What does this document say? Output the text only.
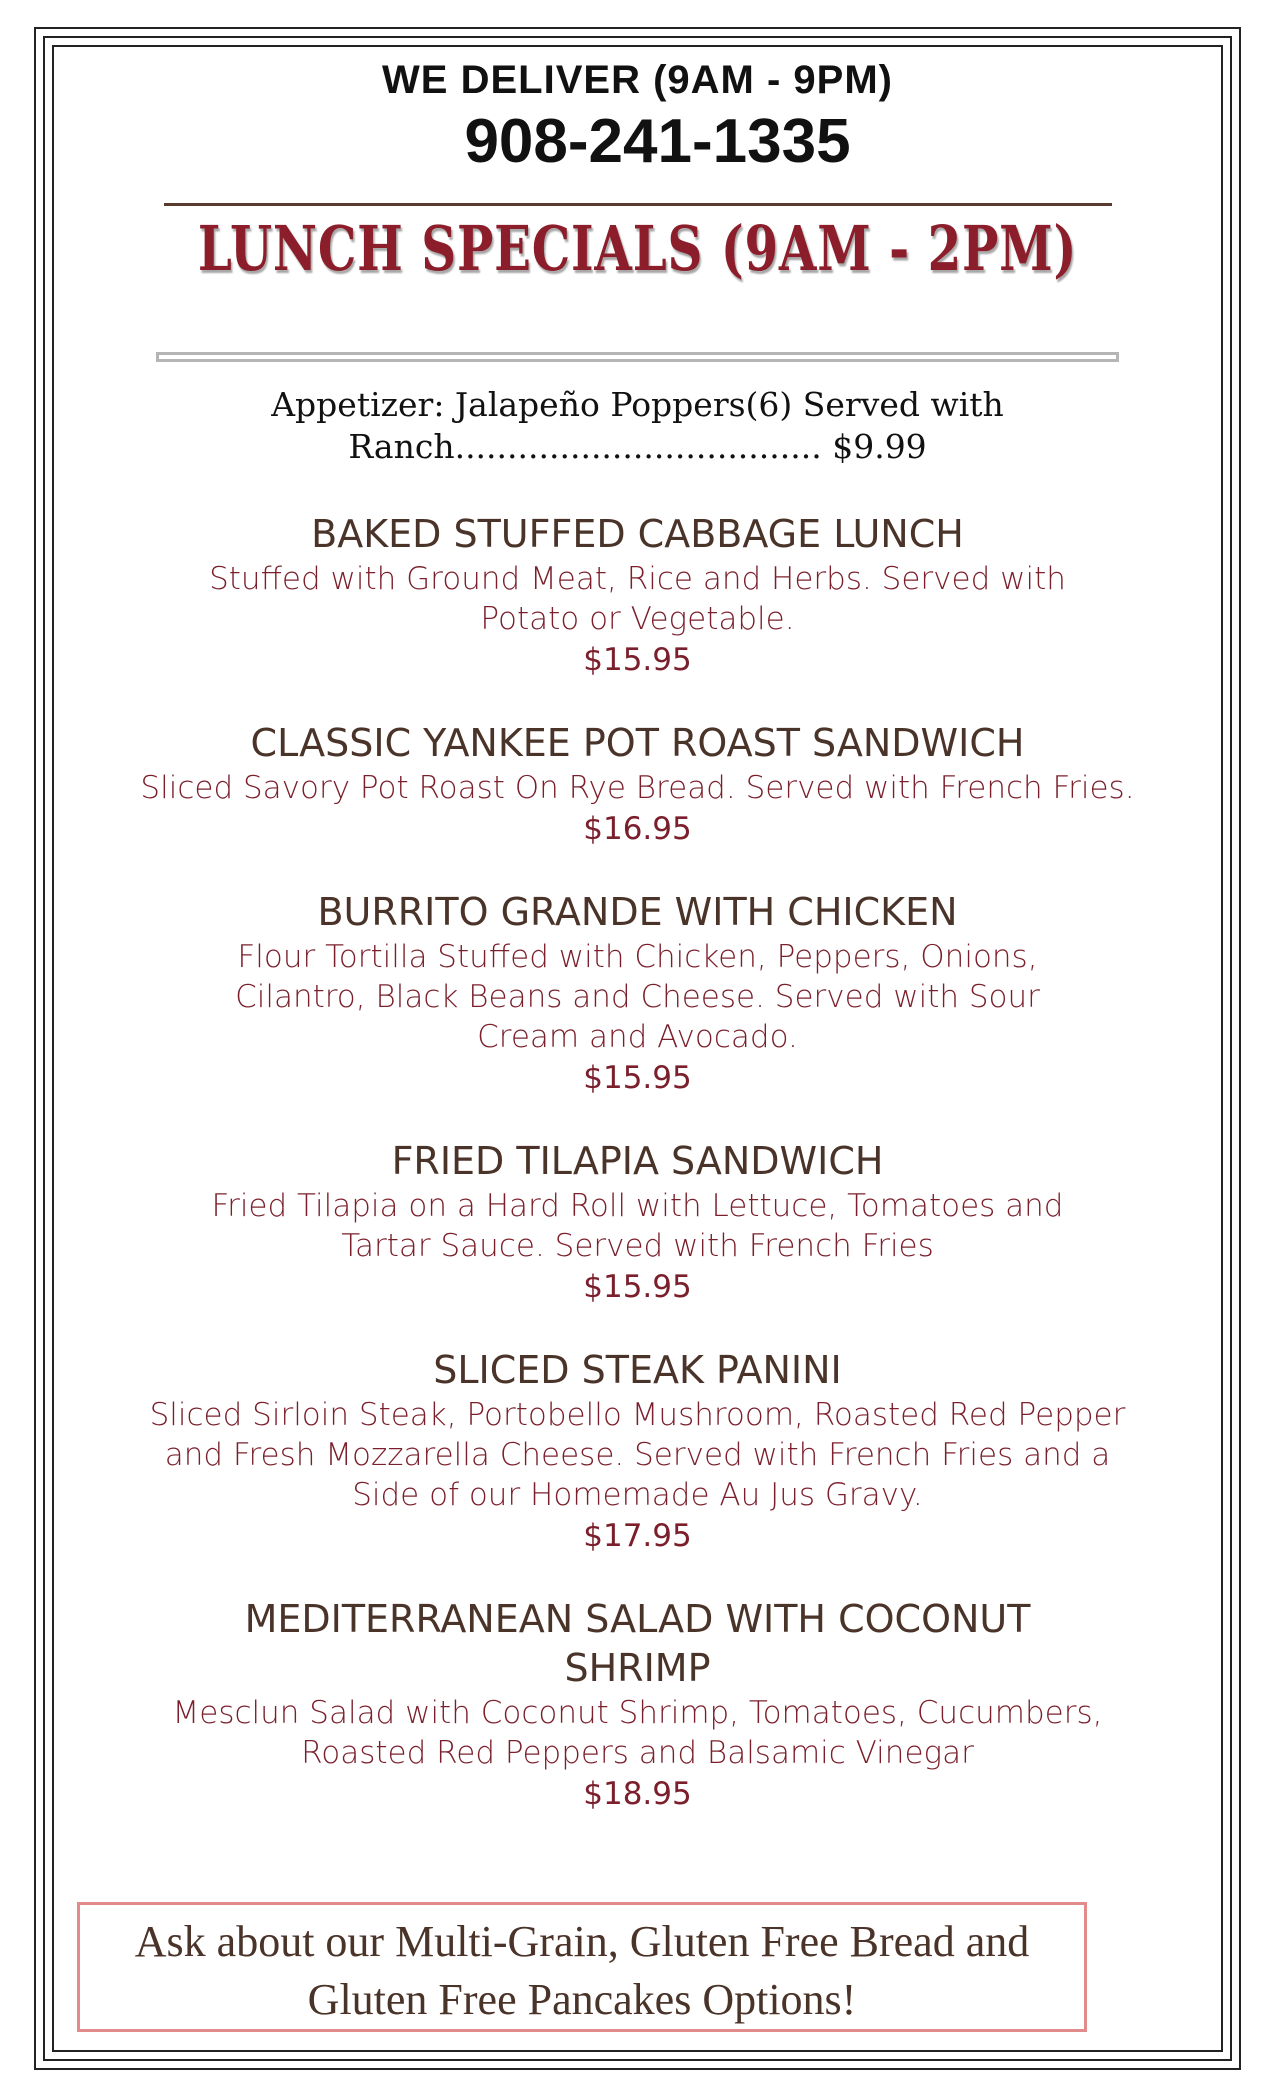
WE DELIVER (9AM - 9PM)
908-241-1335
LUNCH SPECIALS (9AM - 2PM)
Appetizer: Jalapeño Poppers(6) Served with
Ranch................................... $9.99
BAKED STUFFED CABBAGE LUNCH
Stuffed with Ground Meat, Rice and Herbs. Served with Potato or Vegetable.
$15.95
CLASSIC YANKEE POT ROAST SANDWICH
Sliced Savory Pot Roast On Rye Bread. Served with French Fries.
$16.95
BURRITO GRANDE WITH CHICKEN
Flour Tortilla Stuffed with Chicken, Peppers, Onions, Cilantro, Black Beans and Cheese. Served with Sour Cream and Avocado.
$15.95
FRIED TILAPIA SANDWICH
Fried Tilapia on a Hard Roll with Lettuce, Tomatoes and Tartar Sauce. Served with French Fries
$15.95
SLICED STEAK PANINI
Sliced Sirloin Steak, Portobello Mushroom, Roasted Red Pepper and Fresh Mozzarella Cheese. Served with French Fries and a Side of our Homemade Au Jus Gravy.
$17.95
MEDITERRANEAN SALAD WITH COCONUT SHRIMP
Mesclun Salad with Coconut Shrimp, Tomatoes, Cucumbers, Roasted Red Peppers and Balsamic Vinegar
$18.95
Ask about our Multi-Grain, Gluten Free Bread and
Gluten Free Pancakes Options!
